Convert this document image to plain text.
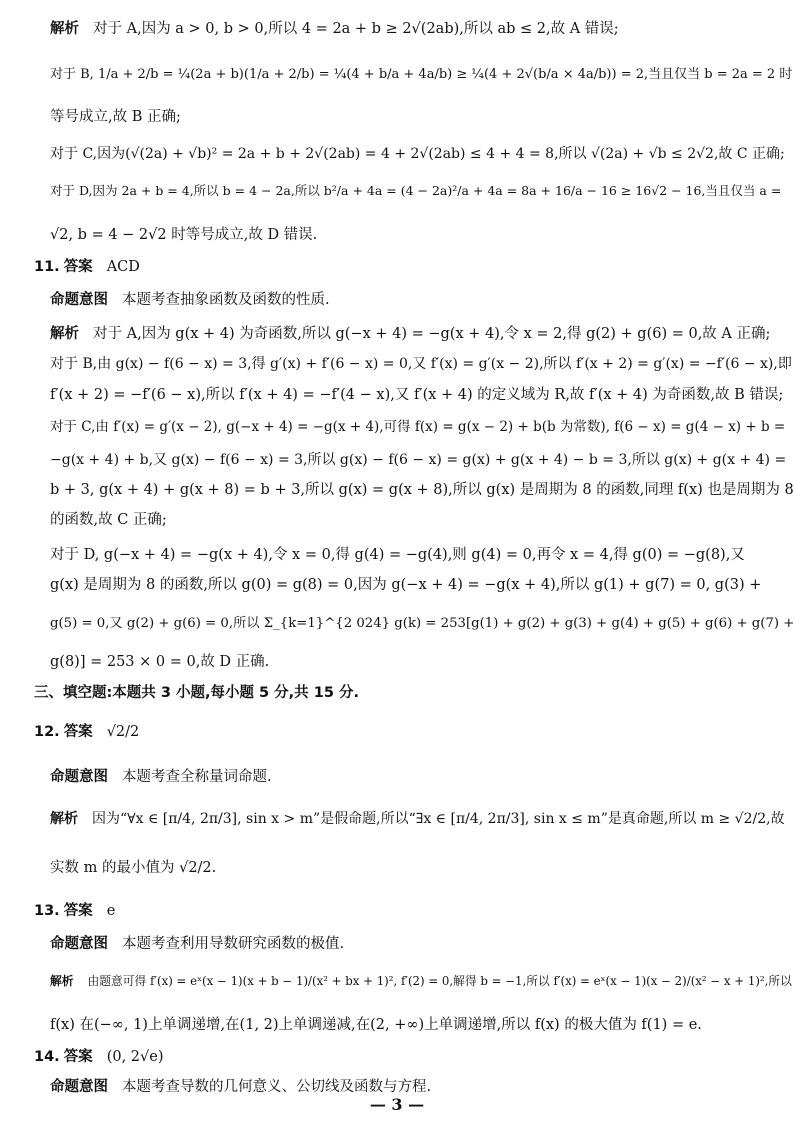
解析 对于 A,因为 a > 0, b > 0,所以 4 = 2a + b ≥ 2√(2ab),所以 ab ≤ 2,故 A 错误;
对于 B, 1/a + 2/b = ¼(2a + b)(1/a + 2/b) = ¼(4 + b/a + 4a/b) ≥ ¼(4 + 2√(b/a × 4a/b)) = 2,当且仅当 b = 2a = 2 时
等号成立,故 B 正确;
对于 C,因为(√(2a) + √b)² = 2a + b + 2√(2ab) = 4 + 2√(2ab) ≤ 4 + 4 = 8,所以 √(2a) + √b ≤ 2√2,故 C 正确;
对于 D,因为 2a + b = 4,所以 b = 4 − 2a,所以 b²/a + 4a = (4 − 2a)²/a + 4a = 8a + 16/a − 16 ≥ 16√2 − 16,当且仅当 a =
√2, b = 4 − 2√2 时等号成立,故 D 错误.
11. 答案 ACD
命题意图 本题考查抽象函数及函数的性质.
解析 对于 A,因为 g(x + 4) 为奇函数,所以 g(−x + 4) = −g(x + 4),令 x = 2,得 g(2) + g(6) = 0,故 A 正确;
对于 B,由 g(x) − f(6 − x) = 3,得 g′(x) + f′(6 − x) = 0,又 f′(x) = g′(x − 2),所以 f′(x + 2) = g′(x) = −f′(6 − x),即
f′(x + 2) = −f′(6 − x),所以 f′(x + 4) = −f′(4 − x),又 f′(x + 4) 的定义域为 R,故 f′(x + 4) 为奇函数,故 B 错误;
对于 C,由 f′(x) = g′(x − 2), g(−x + 4) = −g(x + 4),可得 f(x) = g(x − 2) + b(b 为常数), f(6 − x) = g(4 − x) + b =
−g(x + 4) + b,又 g(x) − f(6 − x) = 3,所以 g(x) − f(6 − x) = g(x) + g(x + 4) − b = 3,所以 g(x) + g(x + 4) =
b + 3, g(x + 4) + g(x + 8) = b + 3,所以 g(x) = g(x + 8),所以 g(x) 是周期为 8 的函数,同理 f(x) 也是周期为 8
的函数,故 C 正确;
对于 D, g(−x + 4) = −g(x + 4),令 x = 0,得 g(4) = −g(4),则 g(4) = 0,再令 x = 4,得 g(0) = −g(8),又
g(x) 是周期为 8 的函数,所以 g(0) = g(8) = 0,因为 g(−x + 4) = −g(x + 4),所以 g(1) + g(7) = 0, g(3) +
g(5) = 0,又 g(2) + g(6) = 0,所以 Σ_{k=1}^{2 024} g(k) = 253[g(1) + g(2) + g(3) + g(4) + g(5) + g(6) + g(7) +
g(8)] = 253 × 0 = 0,故 D 正确.
三、填空题:本题共 3 小题,每小题 5 分,共 15 分.
12. 答案 √2/2
命题意图 本题考查全称量词命题.
解析 因为“∀x ∈ [π/4, 2π/3], sin x > m”是假命题,所以“∃x ∈ [π/4, 2π/3], sin x ≤ m”是真命题,所以 m ≥ √2/2,故
实数 m 的最小值为 √2/2.
13. 答案 e
命题意图 本题考查利用导数研究函数的极值.
解析 由题意可得 f′(x) = eˣ(x − 1)(x + b − 1)/(x² + bx + 1)², f′(2) = 0,解得 b = −1,所以 f′(x) = eˣ(x − 1)(x − 2)/(x² − x + 1)²,所以
f(x) 在(−∞, 1)上单调递增,在(1, 2)上单调递减,在(2, +∞)上单调递增,所以 f(x) 的极大值为 f(1) = e.
14. 答案 (0, 2√e)
命题意图 本题考查导数的几何意义、公切线及函数与方程.
— 3 —
